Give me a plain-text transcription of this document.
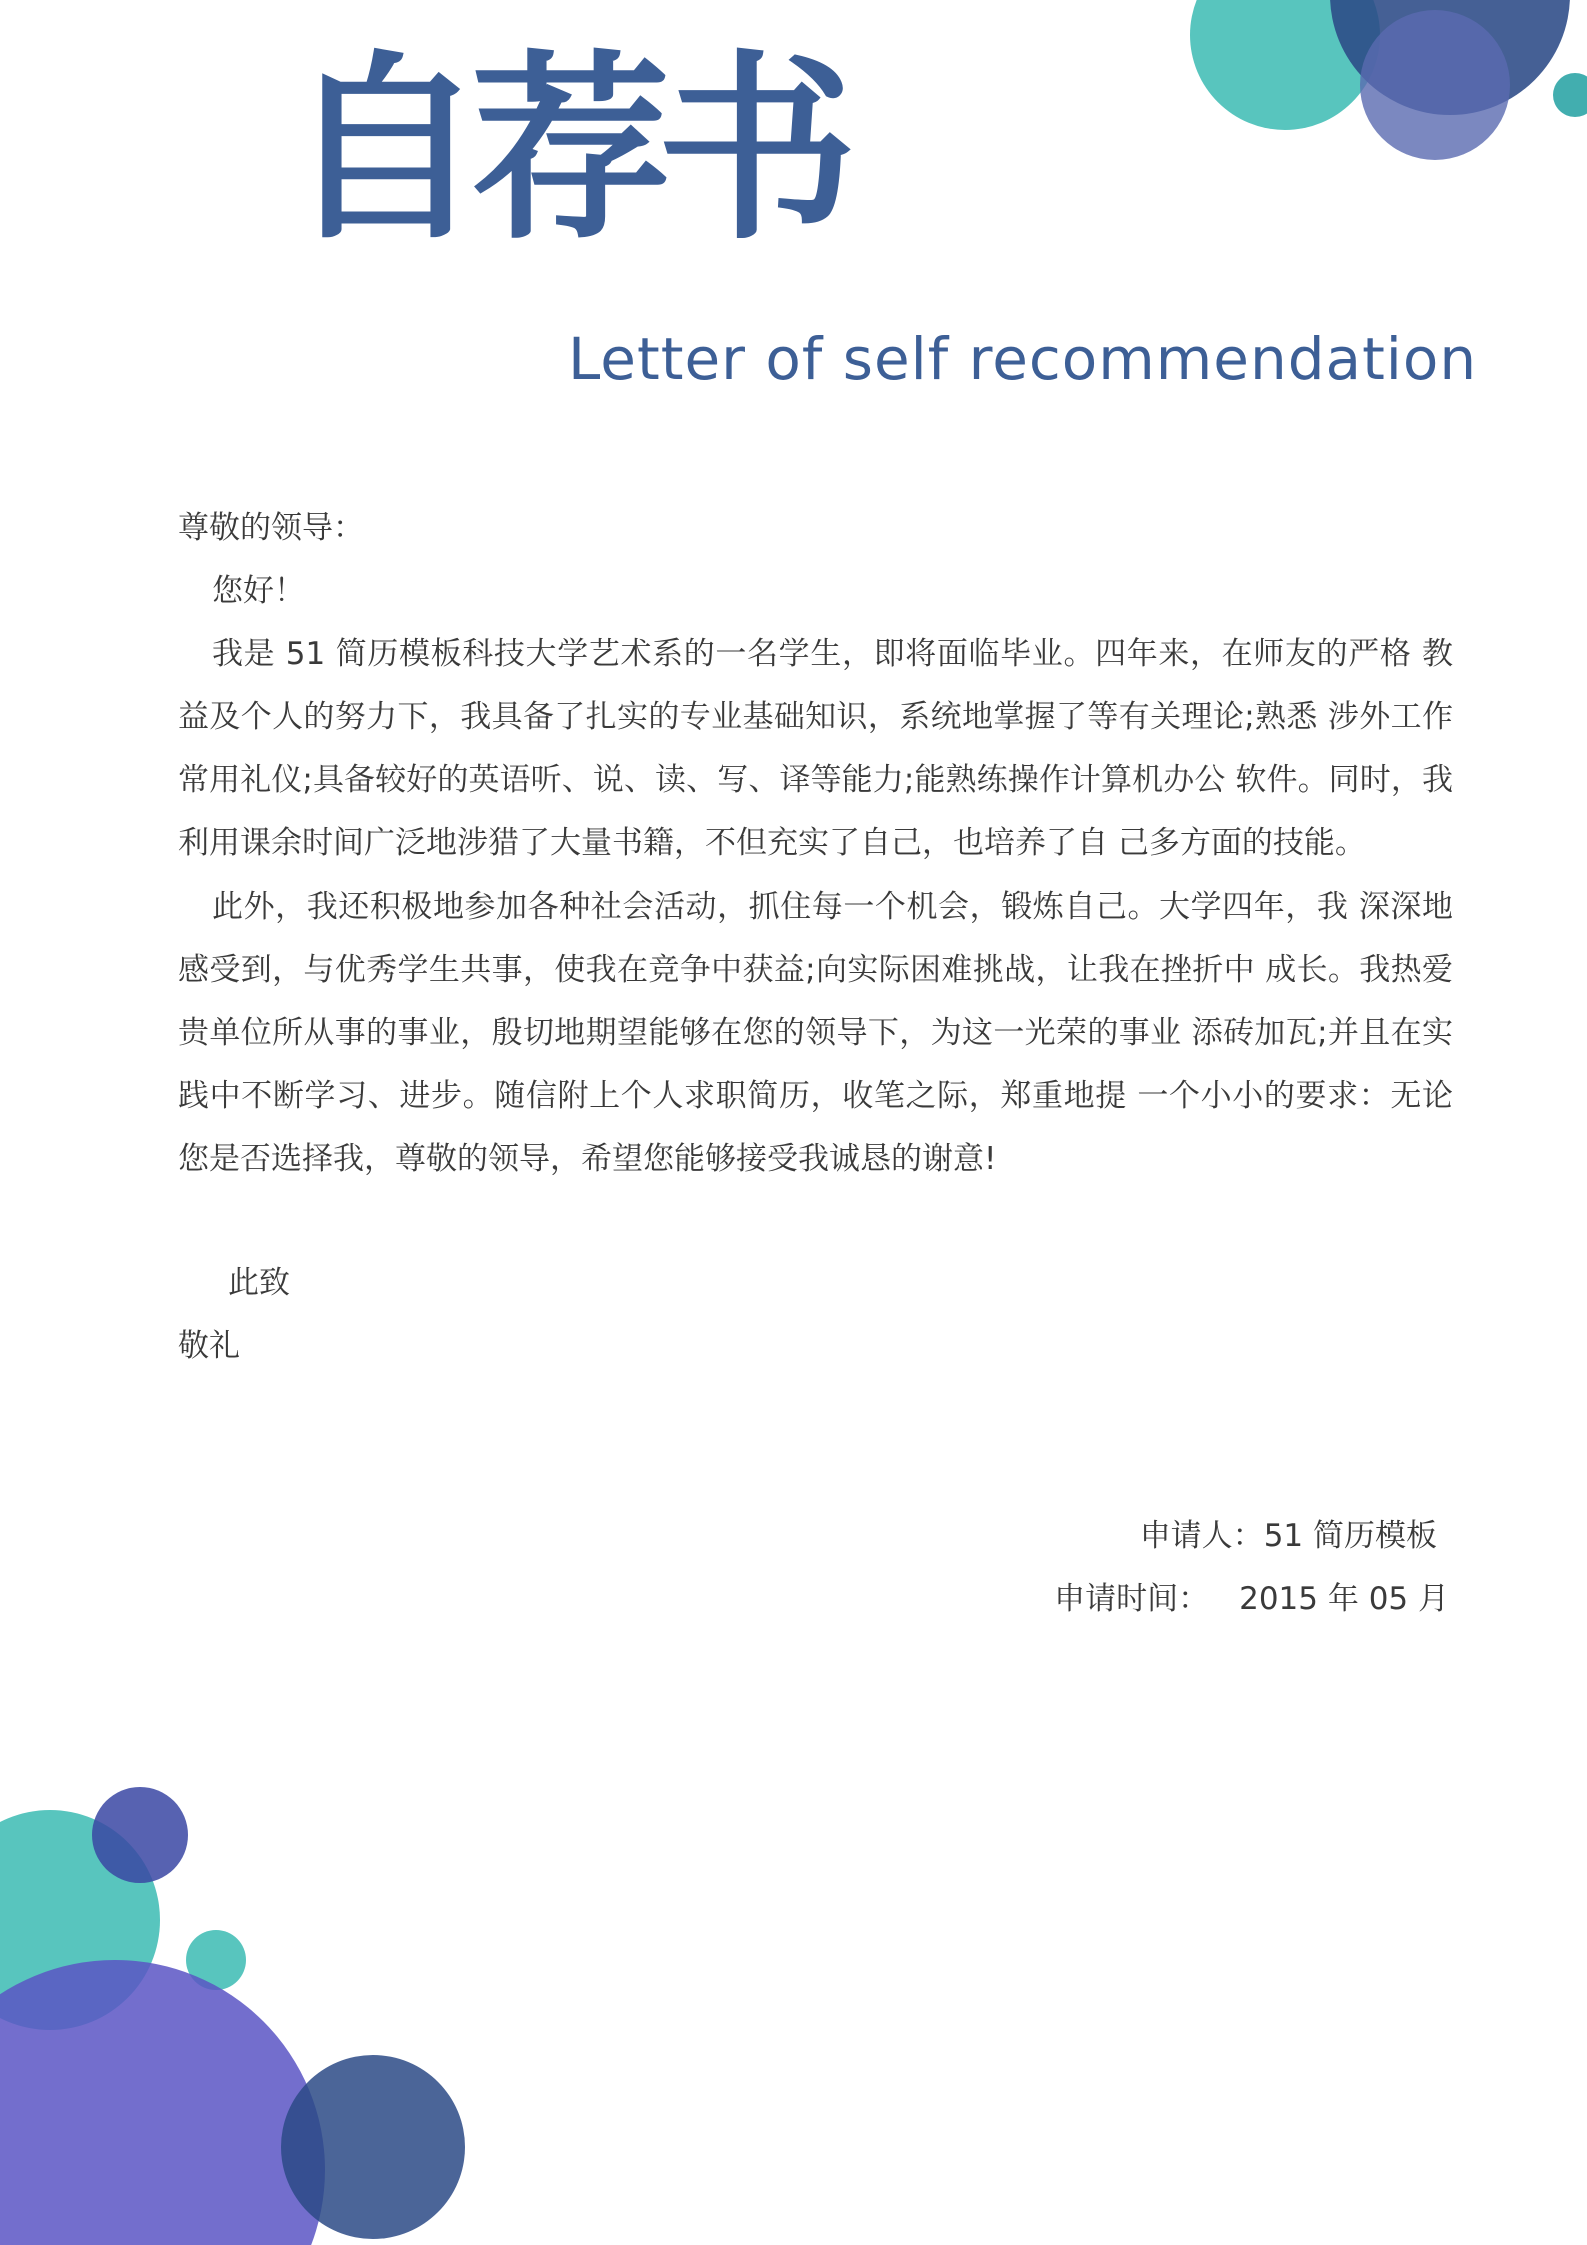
自荐书
Letter of self recommendation
尊敬的领导：
您好！
我是 51 简历模板科技大学艺术系的一名学生，即将面临毕业。四年来，在师友的严格 教益及个人的努力下，我具备了扎实的专业基础知识，系统地掌握了等有关理论;熟悉 涉外工作常用礼仪;具备较好的英语听、说、读、写、译等能力;能熟练操作计算机办公 软件。同时，我利用课余时间广泛地涉猎了大量书籍，不但充实了自己，也培养了自 己多方面的技能。
此外，我还积极地参加各种社会活动，抓住每一个机会，锻炼自己。大学四年，我 深深地感受到，与优秀学生共事，使我在竞争中获益;向实际困难挑战，让我在挫折中 成长。我热爱贵单位所从事的事业，殷切地期望能够在您的领导下，为这一光荣的事业 添砖加瓦;并且在实践中不断学习、进步。随信附上个人求职简历，收笔之际，郑重地提 一个小小的要求：无论您是否选择我，尊敬的领导，希望您能够接受我诚恳的谢意!
此致
敬礼
申请人：51 简历模板
申请时间： 2015 年 05 月
